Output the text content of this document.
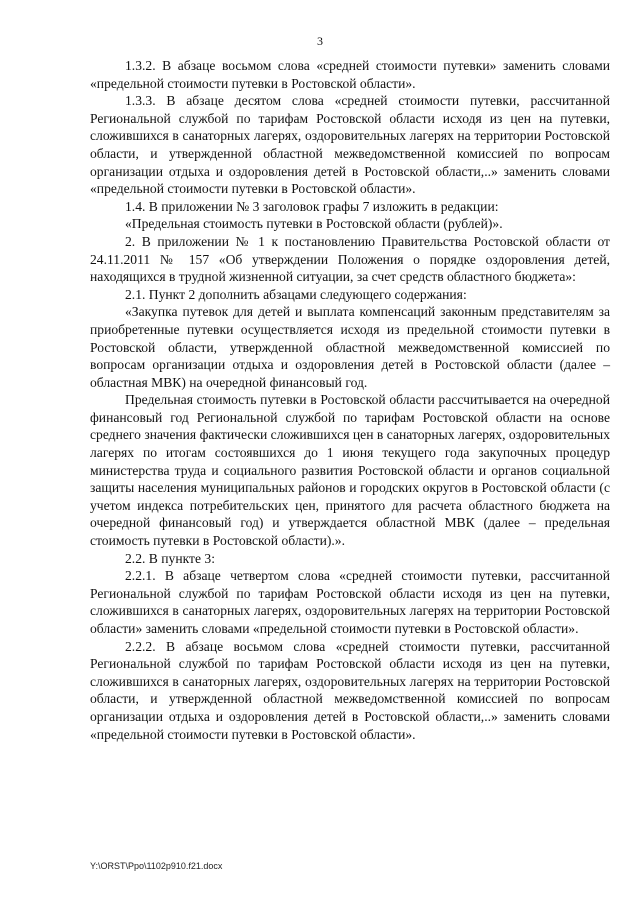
3

1.3.2. В абзаце восьмом слова «средней стоимости путевки» заменить словами «предельной стоимости путевки в Ростовской области».

1.3.3. В абзаце десятом слова «средней стоимости путевки, рассчитанной Региональной службой по тарифам Ростовской области исходя из цен на путевки, сложившихся в санаторных лагерях, оздоровительных лагерях на территории Ростовской области, и утвержденной областной межведомственной комиссией по вопросам организации отдыха и оздоровления детей в Ростовской области,..» заменить словами «предельной стоимости путевки в Ростовской области».

1.4. В приложении № 3 заголовок графы 7 изложить в редакции:

«Предельная стоимость путевки в Ростовской области (рублей)».

2. В приложении № 1 к постановлению Правительства Ростовской области от 24.11.2011 № 157 «Об утверждении Положения о порядке оздоровления детей, находящихся в трудной жизненной ситуации, за счет средств областного бюджета»:

2.1. Пункт 2 дополнить абзацами следующего содержания:

«Закупка путевок для детей и выплата компенсаций законным представителям за приобретенные путевки осуществляется исходя из предельной стоимости путевки в Ростовской области, утвержденной областной межведомственной комиссией по вопросам организации отдыха и оздоровления детей в Ростовской области (далее – областная МВК) на очередной финансовый год.

Предельная стоимость путевки в Ростовской области рассчитывается на очередной финансовый год Региональной службой по тарифам Ростовской области на основе среднего значения фактически сложившихся цен в санаторных лагерях, оздоровительных лагерях по итогам состоявшихся до 1 июня текущего года закупочных процедур министерства труда и социального развития Ростовской области и органов социальной защиты населения муниципальных районов и городских округов в Ростовской области (с учетом индекса потребительских цен, принятого для расчета областного бюджета на очередной финансовый год) и утверждается областной МВК (далее – предельная стоимость путевки в Ростовской области).».

2.2. В пункте 3:

2.2.1. В абзаце четвертом слова «средней стоимости путевки, рассчитанной Региональной службой по тарифам Ростовской области исходя из цен на путевки, сложившихся в санаторных лагерях, оздоровительных лагерях на территории Ростовской области» заменить словами «предельной стоимости путевки в Ростовской области».

2.2.2. В абзаце восьмом слова «средней стоимости путевки, рассчитанной Региональной службой по тарифам Ростовской области исходя из цен на путевки, сложившихся в санаторных лагерях, оздоровительных лагерях на территории Ростовской области, и утвержденной областной межведомственной комиссией по вопросам организации отдыха и оздоровления детей в Ростовской области,..» заменить словами «предельной стоимости путевки в Ростовской области».

Y:\ORST\Ppo\1102p910.f21.docx
